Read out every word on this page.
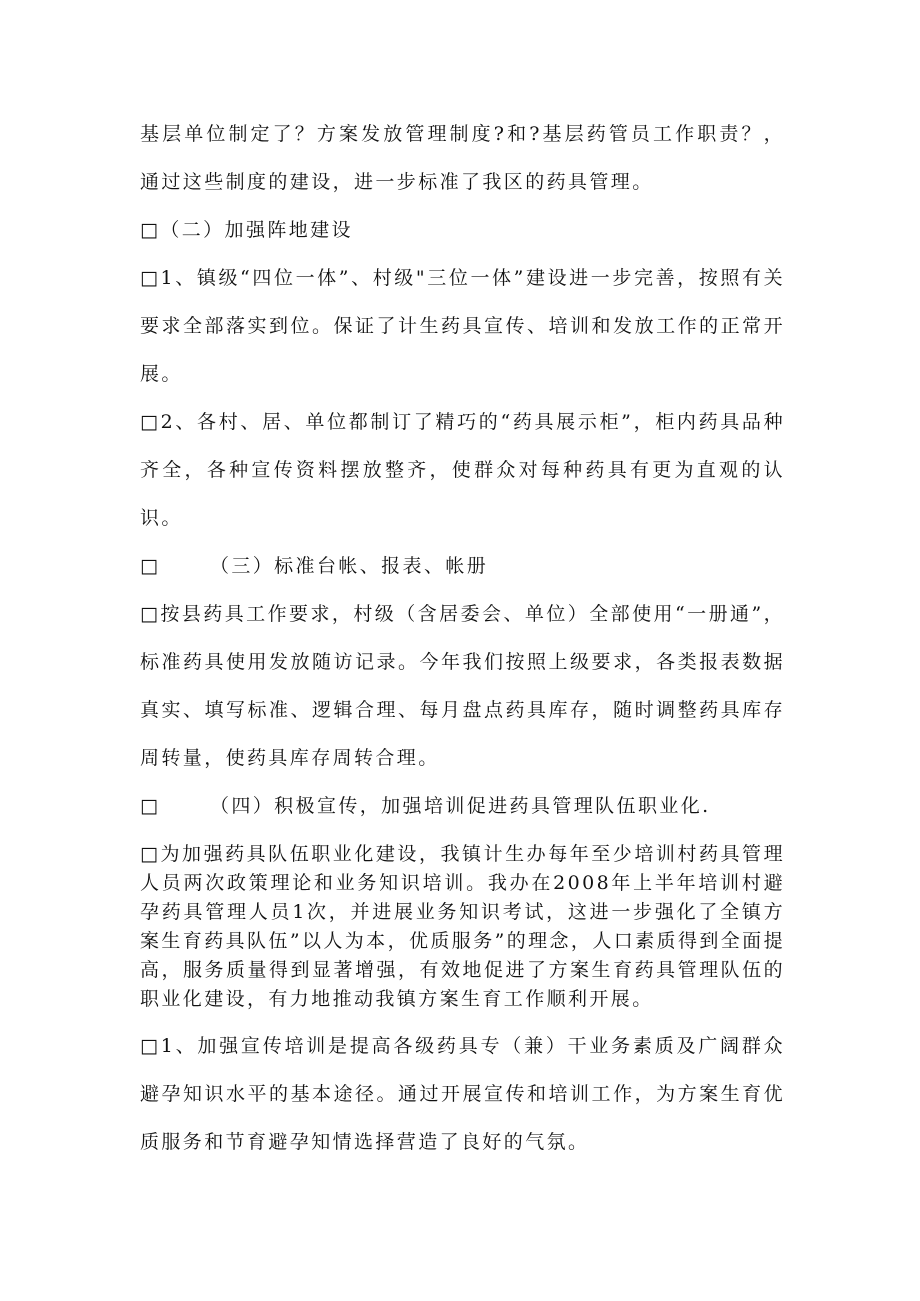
基层单位制定了？方案发放管理制度?和?基层药管员工作职责？，通过这些制度的建设，进一步标准了我区的药具管理。

□（二）加强阵地建设

□1、镇级“四位一体”、村级"三位一体”建设进一步完善，按照有关要求全部落实到位。保证了计生药具宣传、培训和发放工作的正常开展。

□2、各村、居、单位都制订了精巧的“药具展示柜”，柜内药具品种齐全，各种宣传资料摆放整齐，使群众对每种药具有更为直观的认识。

□	（三）标准台帐、报表、帐册

□按县药具工作要求，村级（含居委会、单位）全部使用“一册通”，标准药具使用发放随访记录。今年我们按照上级要求，各类报表数据真实、填写标准、逻辑合理、每月盘点药具库存，随时调整药具库存周转量，使药具库存周转合理。

□	（四）积极宣传，加强培训促进药具管理队伍职业化.

□为加强药具队伍职业化建设，我镇计生办每年至少培训村药具管理人员两次政策理论和业务知识培训。我办在2008年上半年培训村避孕药具管理人员1次，并进展业务知识考试，这进一步强化了全镇方案生育药具队伍”以人为本，优质服务”的理念，人口素质得到全面提高，服务质量得到显著增强，有效地促进了方案生育药具管理队伍的职业化建设，有力地推动我镇方案生育工作顺利开展。

□1、加强宣传培训是提高各级药具专（兼）干业务素质及广阔群众避孕知识水平的基本途径。通过开展宣传和培训工作，为方案生育优质服务和节育避孕知情选择营造了良好的气氛。
